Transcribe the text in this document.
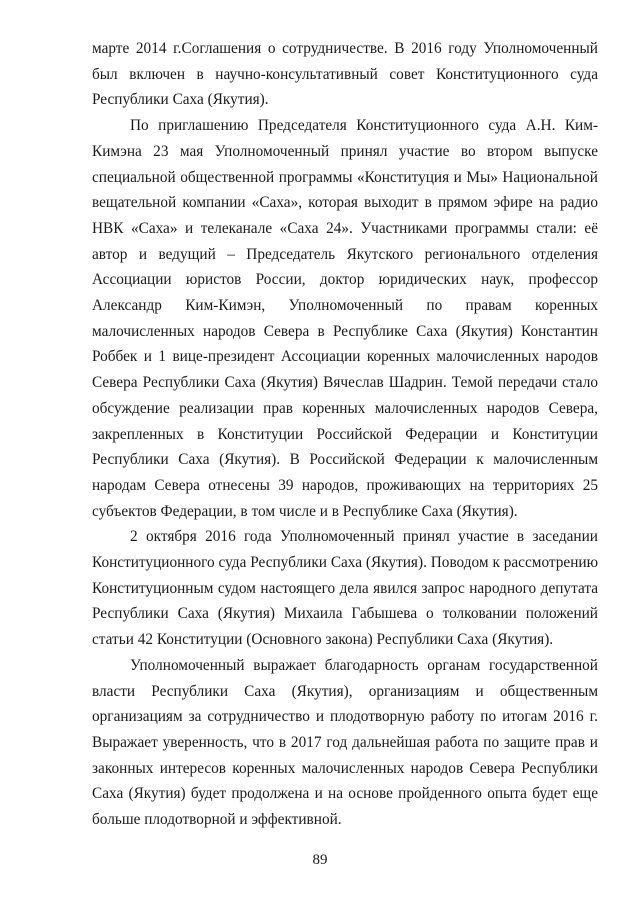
марте 2014 г.Соглашения о сотрудничестве. В 2016 году Уполномоченный был включен в научно-консультативный совет Конституционного суда Республики Саха (Якутия).

По приглашению Председателя Конституционного суда А.Н. Ким-Кимэна 23 мая Уполномоченный принял участие во втором выпуске специальной общественной программы «Конституция и Мы» Национальной вещательной компании «Саха», которая выходит в прямом эфире на радио НВК «Саха» и телеканале «Саха 24». Участниками программы стали: её автор и ведущий – Председатель Якутского регионального отделения Ассоциации юристов России, доктор юридических наук, профессор Александр Ким-Кимэн, Уполномоченный по правам коренных малочисленных народов Севера в Республике Саха (Якутия) Константин Роббек и 1 вице-президент Ассоциации коренных малочисленных народов Севера Республики Саха (Якутия) Вячеслав Шадрин. Темой передачи стало обсуждение реализации прав коренных малочисленных народов Севера, закрепленных в Конституции Российской Федерации и Конституции Республики Саха (Якутия). В Российской Федерации к малочисленным народам Севера отнесены 39 народов, проживающих на территориях 25 субъектов Федерации, в том числе и в Республике Саха (Якутия).

2 октября 2016 года Уполномоченный принял участие в заседании Конституционного суда Республики Саха (Якутия). Поводом к рассмотрению Конституционным судом настоящего дела явился запрос народного депутата Республики Саха (Якутия) Михаила Габышева о толковании положений статьи 42 Конституции (Основного закона) Республики Саха (Якутия).

Уполномоченный выражает благодарность органам государственной власти Республики Саха (Якутия), организациям и общественным организациям за сотрудничество и плодотворную работу по итогам 2016 г. Выражает уверенность, что в 2017 год дальнейшая работа по защите прав и законных интересов коренных малочисленных народов Севера Республики Саха (Якутия) будет продолжена и на основе пройденного опыта будет еще больше плодотворной и эффективной.

89
